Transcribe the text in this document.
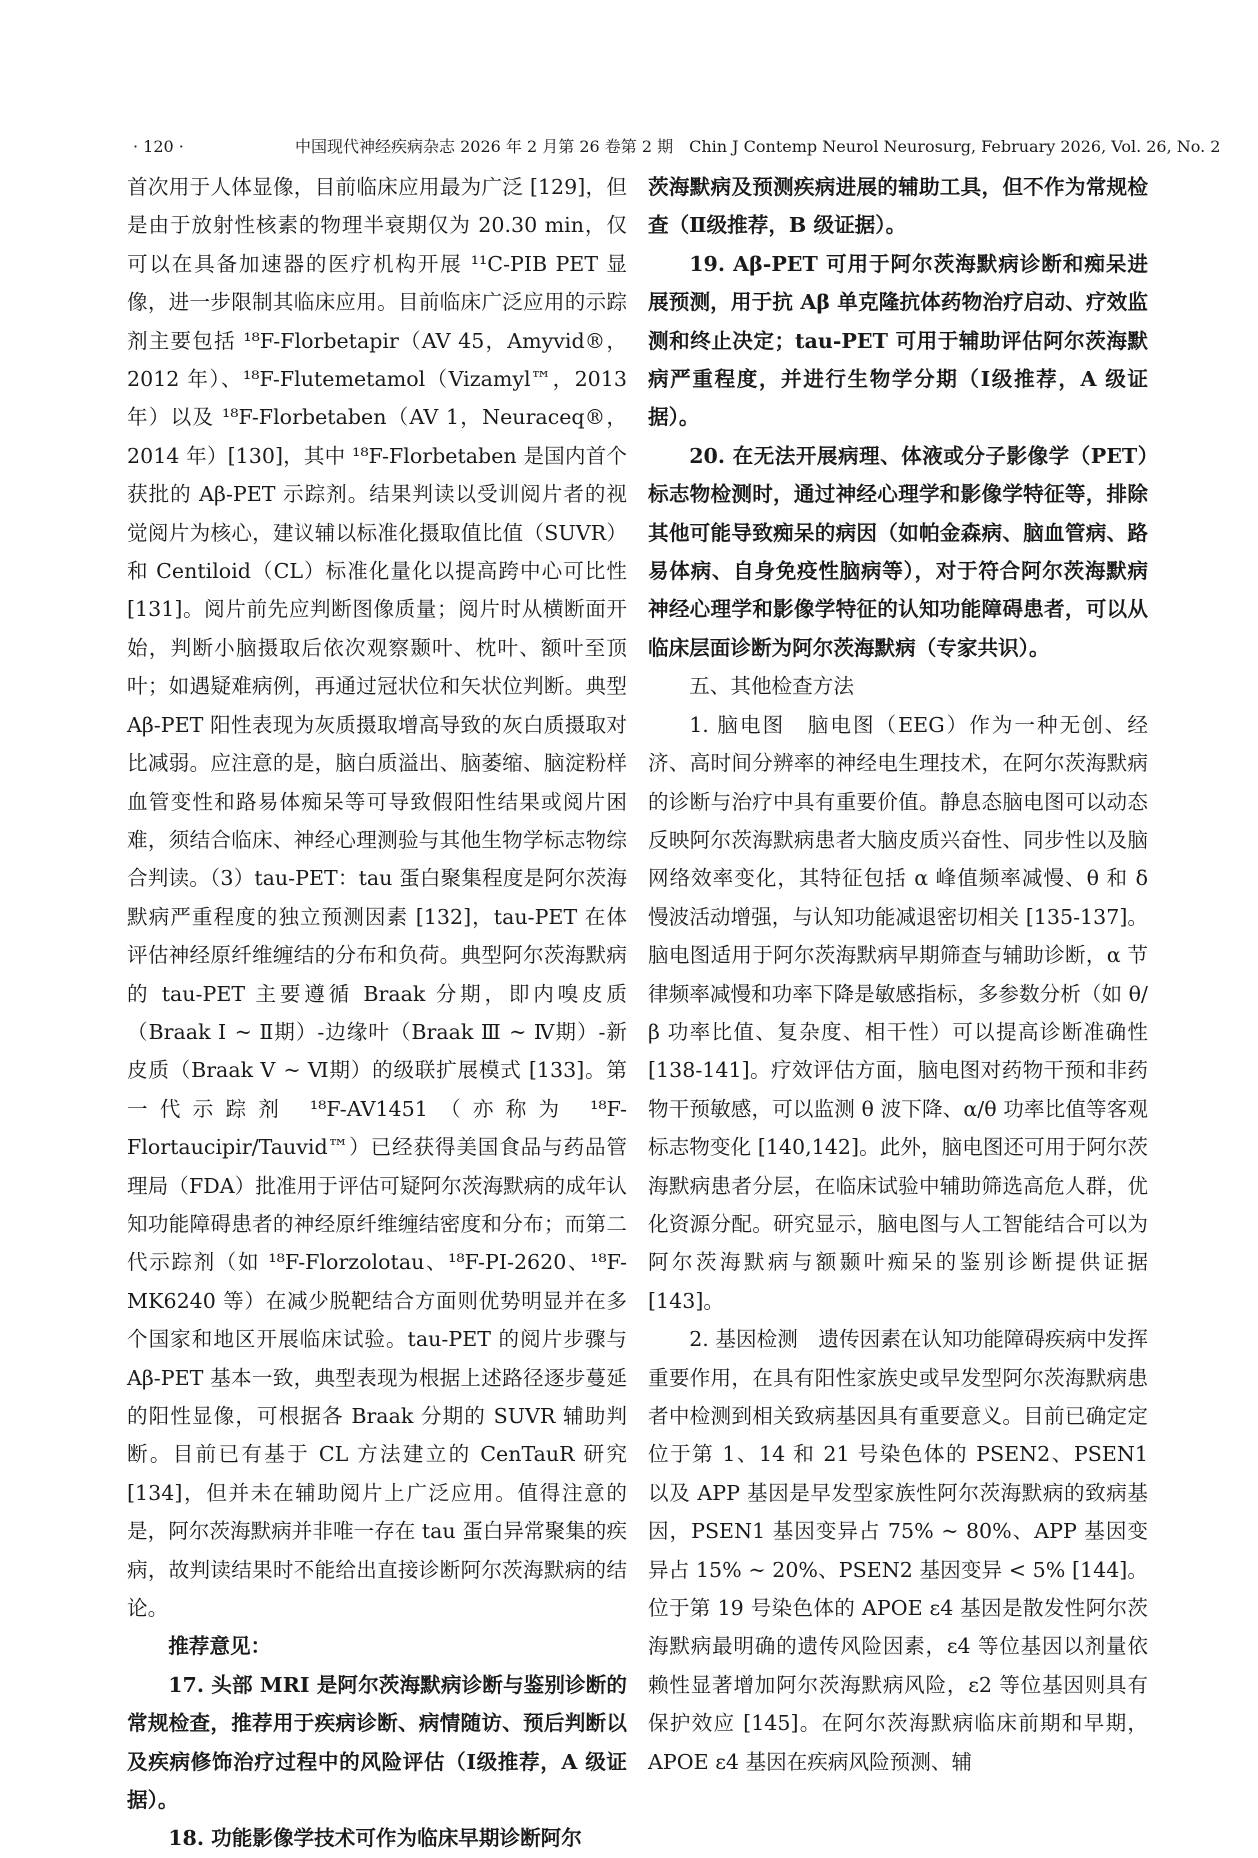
· 120 ·	中国现代神经疾病杂志 2026 年 2 月第 26 卷第 2 期　Chin J Contemp Neurol Neurosurg, February 2026, Vol. 26, No. 2

首次用于人体显像，目前临床应用最为广泛 [129]，但是由于放射性核素的物理半衰期仅为 20.30 min，仅可以在具备加速器的医疗机构开展 ¹¹C-PIB PET 显像，进一步限制其临床应用。目前临床广泛应用的示踪剂主要包括 ¹⁸F-Florbetapir（AV 45，Amyvid®，2012 年）、¹⁸F-Flutemetamol（Vizamyl™，2013 年）以及 ¹⁸F-Florbetaben（AV 1，Neuraceq®，2014 年）[130]，其中 ¹⁸F-Florbetaben 是国内首个获批的 Aβ-PET 示踪剂。结果判读以受训阅片者的视觉阅片为核心，建议辅以标准化摄取值比值（SUVR）和 Centiloid（CL）标准化量化以提高跨中心可比性 [131]。阅片前先应判断图像质量；阅片时从横断面开始，判断小脑摄取后依次观察颞叶、枕叶、额叶至顶叶；如遇疑难病例，再通过冠状位和矢状位判断。典型 Aβ-PET 阳性表现为灰质摄取增高导致的灰白质摄取对比减弱。应注意的是，脑白质溢出、脑萎缩、脑淀粉样血管变性和路易体痴呆等可导致假阳性结果或阅片困难，须结合临床、神经心理测验与其他生物学标志物综合判读。（3）tau-PET：tau 蛋白聚集程度是阿尔茨海默病严重程度的独立预测因素 [132]，tau-PET 在体评估神经原纤维缠结的分布和负荷。典型阿尔茨海默病的 tau-PET 主要遵循 Braak 分期，即内嗅皮质（Braak Ⅰ ~ Ⅱ期）-边缘叶（Braak Ⅲ ~ Ⅳ期）-新皮质（Braak Ⅴ ~ Ⅵ期）的级联扩展模式 [133]。第一代示踪剂 ¹⁸F-AV1451（亦称为 ¹⁸F-Flortaucipir/Tauvid™）已经获得美国食品与药品管理局（FDA）批准用于评估可疑阿尔茨海默病的成年认知功能障碍患者的神经原纤维缠结密度和分布；而第二代示踪剂（如 ¹⁸F-Florzolotau、¹⁸F-PI-2620、¹⁸F-MK6240 等）在减少脱靶结合方面则优势明显并在多个国家和地区开展临床试验。tau-PET 的阅片步骤与 Aβ-PET 基本一致，典型表现为根据上述路径逐步蔓延的阳性显像，可根据各 Braak 分期的 SUVR 辅助判断。目前已有基于 CL 方法建立的 CenTauR 研究 [134]，但并未在辅助阅片上广泛应用。值得注意的是，阿尔茨海默病并非唯一存在 tau 蛋白异常聚集的疾病，故判读结果时不能给出直接诊断阿尔茨海默病的结论。

推荐意见：

17. 头部 MRI 是阿尔茨海默病诊断与鉴别诊断的常规检查，推荐用于疾病诊断、病情随访、预后判断以及疾病修饰治疗过程中的风险评估（Ⅰ级推荐，A 级证据）。

18. 功能影像学技术可作为临床早期诊断阿尔

茨海默病及预测疾病进展的辅助工具，但不作为常规检查（Ⅱ级推荐，B 级证据）。

19. Aβ-PET 可用于阿尔茨海默病诊断和痴呆进展预测，用于抗 Aβ 单克隆抗体药物治疗启动、疗效监测和终止决定；tau-PET 可用于辅助评估阿尔茨海默病严重程度，并进行生物学分期（Ⅰ级推荐，A 级证据）。

20. 在无法开展病理、体液或分子影像学（PET）标志物检测时，通过神经心理学和影像学特征等，排除其他可能导致痴呆的病因（如帕金森病、脑血管病、路易体病、自身免疫性脑病等），对于符合阿尔茨海默病神经心理学和影像学特征的认知功能障碍患者，可以从临床层面诊断为阿尔茨海默病（专家共识）。

五、其他检查方法

1. 脑电图　脑电图（EEG）作为一种无创、经济、高时间分辨率的神经电生理技术，在阿尔茨海默病的诊断与治疗中具有重要价值。静息态脑电图可以动态反映阿尔茨海默病患者大脑皮质兴奋性、同步性以及脑网络效率变化，其特征包括 α 峰值频率减慢、θ 和 δ 慢波活动增强，与认知功能减退密切相关 [135-137]。脑电图适用于阿尔茨海默病早期筛查与辅助诊断，α 节律频率减慢和功率下降是敏感指标，多参数分析（如 θ/β 功率比值、复杂度、相干性）可以提高诊断准确性 [138-141]。疗效评估方面，脑电图对药物干预和非药物干预敏感，可以监测 θ 波下降、α/θ 功率比值等客观标志物变化 [140,142]。此外，脑电图还可用于阿尔茨海默病患者分层，在临床试验中辅助筛选高危人群，优化资源分配。研究显示，脑电图与人工智能结合可以为阿尔茨海默病与额颞叶痴呆的鉴别诊断提供证据 [143]。

2. 基因检测　遗传因素在认知功能障碍疾病中发挥重要作用，在具有阳性家族史或早发型阿尔茨海默病患者中检测到相关致病基因具有重要意义。目前已确定定位于第 1、14 和 21 号染色体的 PSEN2、PSEN1 以及 APP 基因是早发型家族性阿尔茨海默病的致病基因，PSEN1 基因变异占 75% ~ 80%、APP 基因变异占 15% ~ 20%、PSEN2 基因变异 < 5% [144]。位于第 19 号染色体的 APOE ε4 基因是散发性阿尔茨海默病最明确的遗传风险因素，ε4 等位基因以剂量依赖性显著增加阿尔茨海默病风险，ε2 等位基因则具有保护效应 [145]。在阿尔茨海默病临床前期和早期，APOE ε4 基因在疾病风险预测、辅
